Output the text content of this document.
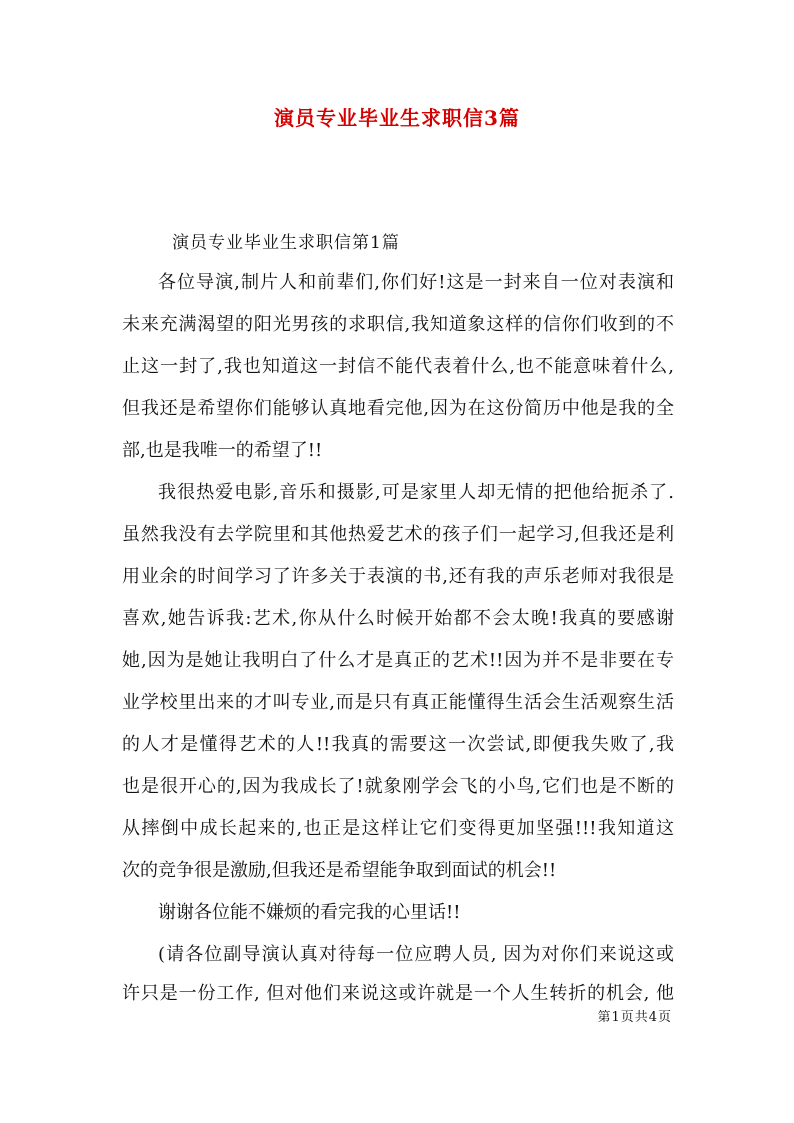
演员专业毕业生求职信3篇
演员专业毕业生求职信第1篇
各位导演,制片人和前辈们,你们好!这是一封来自一位对表演和
未来充满渴望的阳光男孩的求职信,我知道象这样的信你们收到的不
止这一封了,我也知道这一封信不能代表着什么,也不能意味着什么,
但我还是希望你们能够认真地看完他,因为在这份简历中他是我的全
部,也是我唯一的希望了!!
我很热爱电影,音乐和摄影,可是家里人却无情的把他给扼杀了.
虽然我没有去学院里和其他热爱艺术的孩子们一起学习,但我还是利
用业余的时间学习了许多关于表演的书,还有我的声乐老师对我很是
喜欢,她告诉我:艺术,你从什么时候开始都不会太晚!我真的要感谢
她,因为是她让我明白了什么才是真正的艺术!!因为并不是非要在专
业学校里出来的才叫专业,而是只有真正能懂得生活会生活观察生活
的人才是懂得艺术的人!!我真的需要这一次尝试,即便我失败了,我
也是很开心的,因为我成长了!就象刚学会飞的小鸟,它们也是不断的
从摔倒中成长起来的,也正是这样让它们变得更加坚强!!!我知道这
次的竞争很是激励,但我还是希望能争取到面试的机会!!
谢谢各位能不嫌烦的看完我的心里话!!
(请各位副导演认真对待每一位应聘人员, 因为对你们来说这或
许只是一份工作, 但对他们来说这或许就是一个人生转折的机会, 他
第1页共4页
